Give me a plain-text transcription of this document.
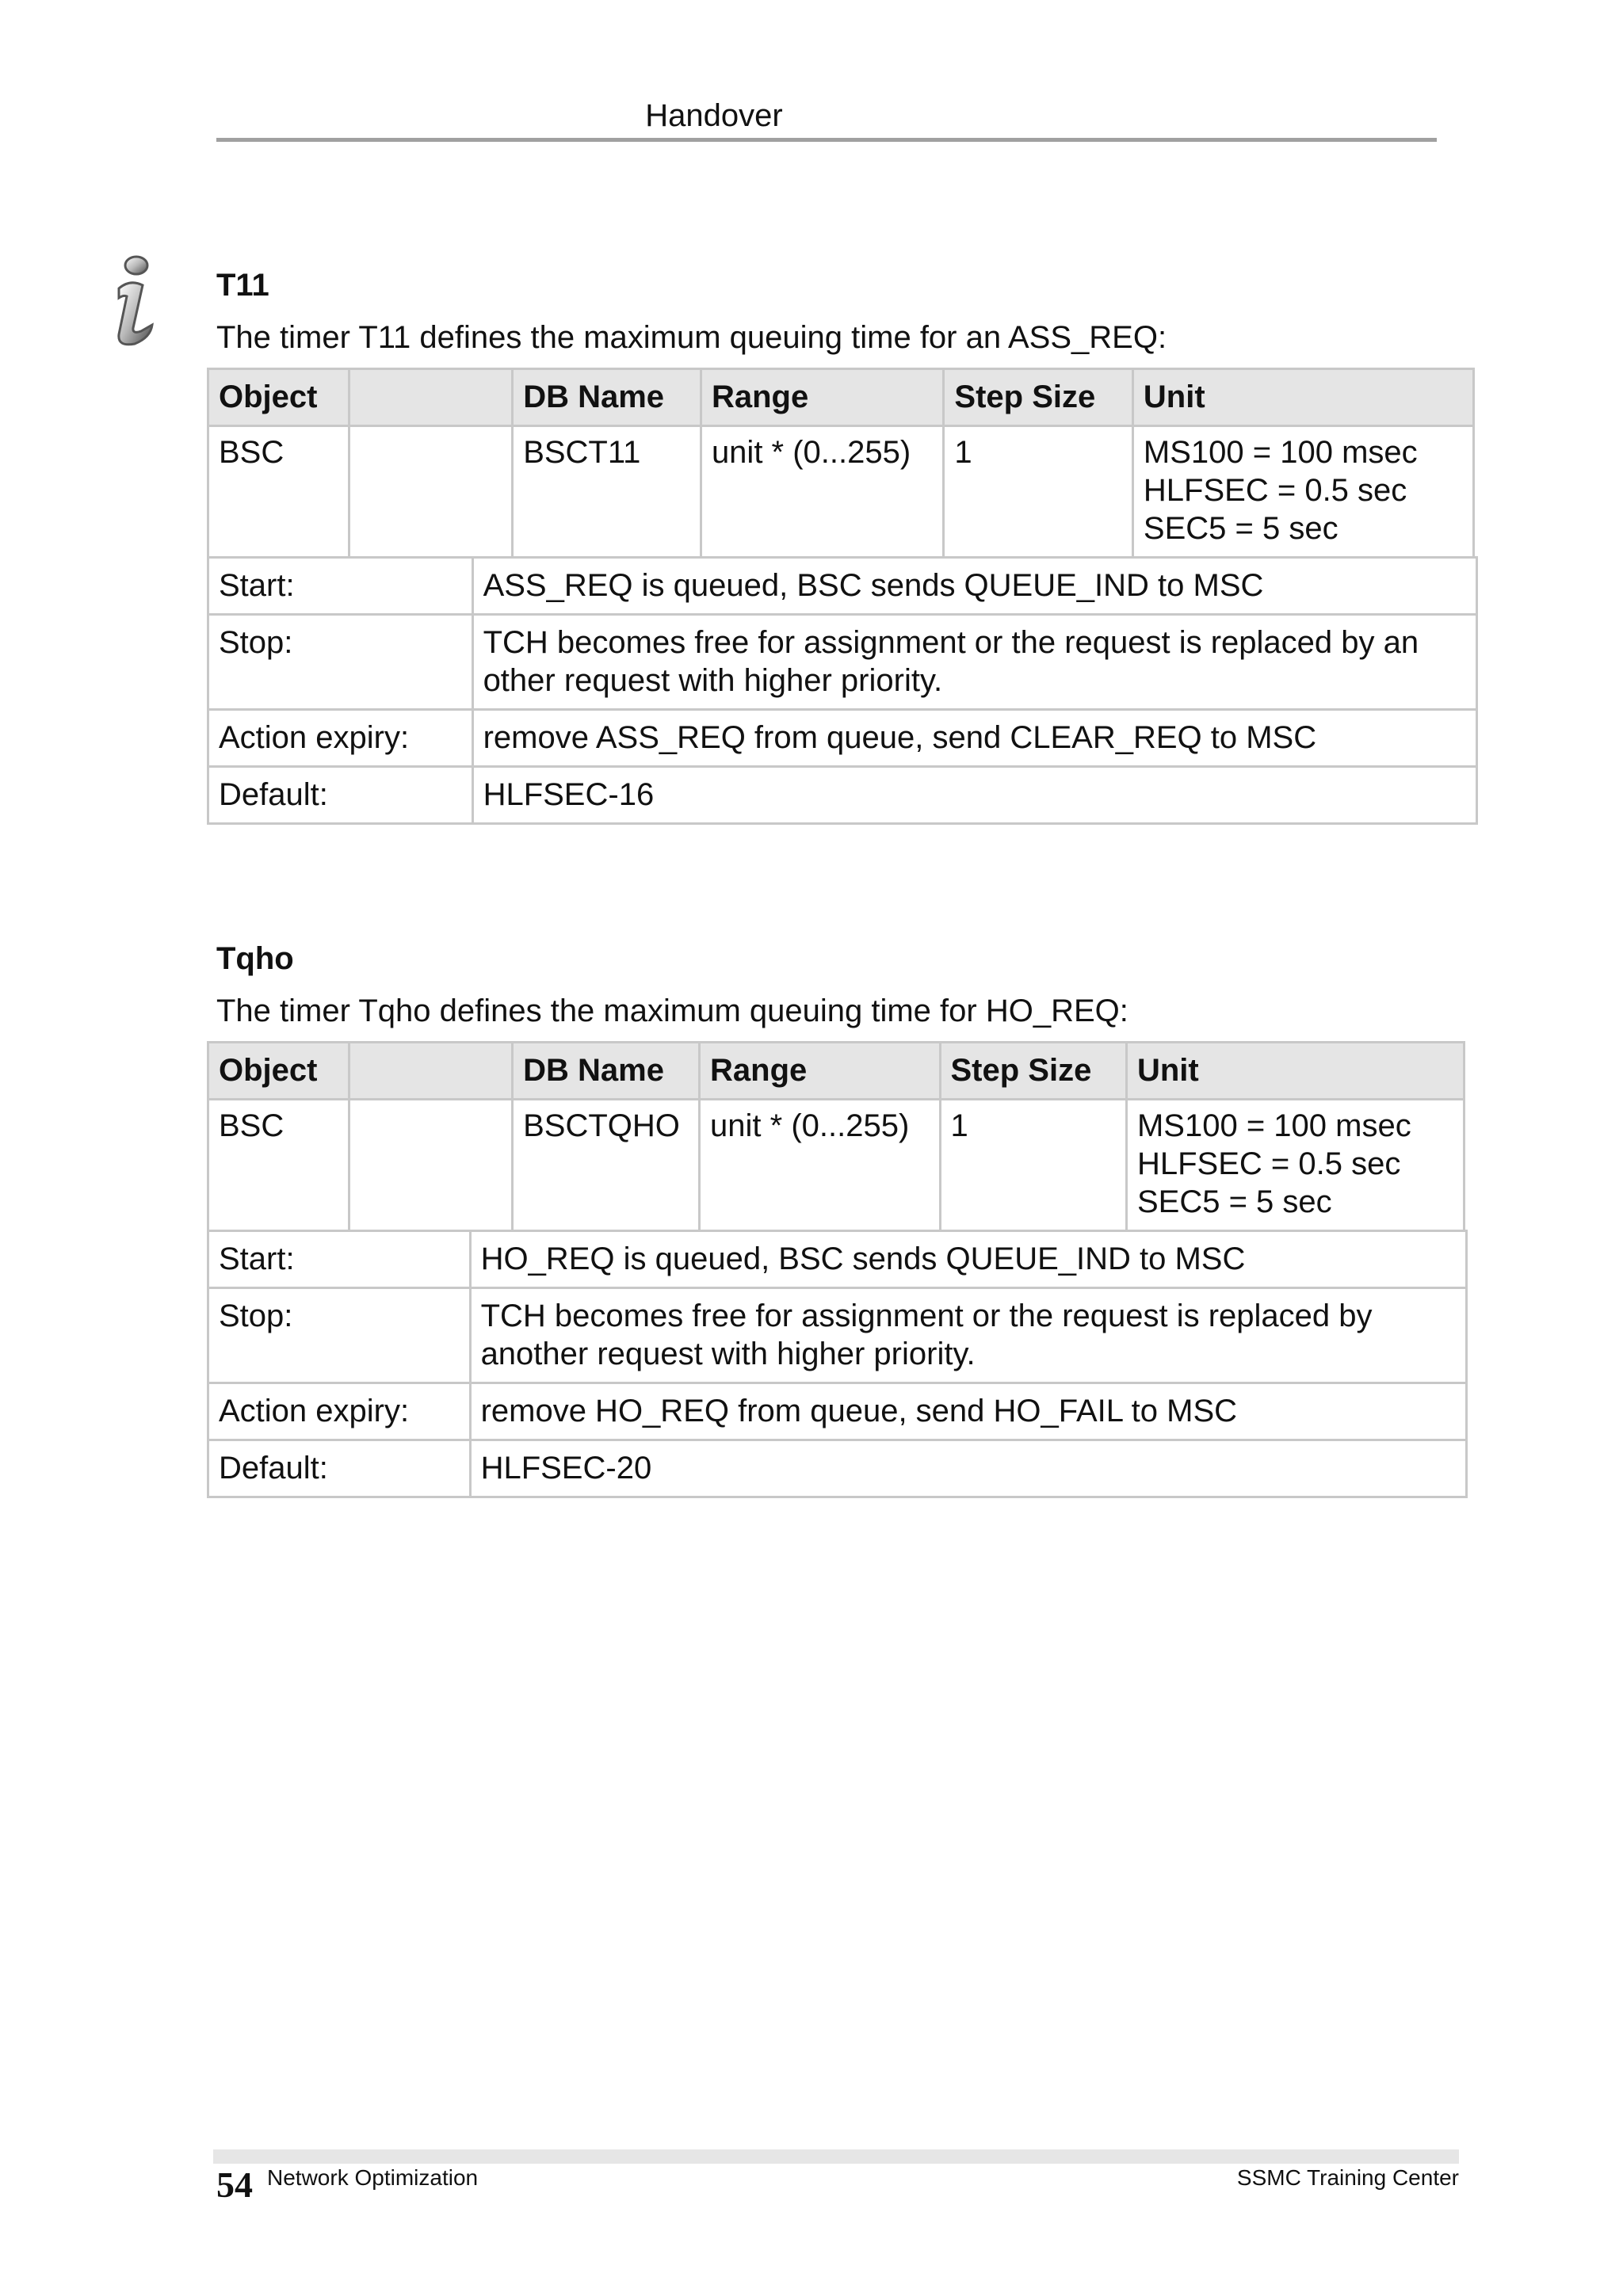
Handover
T11
The timer T11 defines the maximum queuing time for an ASS_REQ:
Object		DB Name	Range	Step Size	Unit
BSC		BSCT11	unit * (0...255)	1	MS100 = 100 msec
HLFSEC = 0.5 sec
SEC5 = 5 sec
Start:	ASS_REQ is queued, BSC sends QUEUE_IND to MSC
Stop:	TCH becomes free for assignment or the request is replaced by an
other request with higher priority.
Action expiry:	remove ASS_REQ from queue, send CLEAR_REQ to MSC
Default:	HLFSEC-16
Tqho
The timer Tqho defines the maximum queuing time for HO_REQ:
Object		DB Name	Range	Step Size	Unit
BSC		BSCTQHO	unit * (0...255)	1	MS100 = 100 msec
HLFSEC = 0.5 sec
SEC5 = 5 sec
Start:	HO_REQ is queued, BSC sends QUEUE_IND to MSC
Stop:	TCH becomes free for assignment or the request is replaced by
another request with higher priority.
Action expiry:	remove HO_REQ from queue, send HO_FAIL to MSC
Default:	HLFSEC-20
54 Network Optimization	SSMC Training Center
